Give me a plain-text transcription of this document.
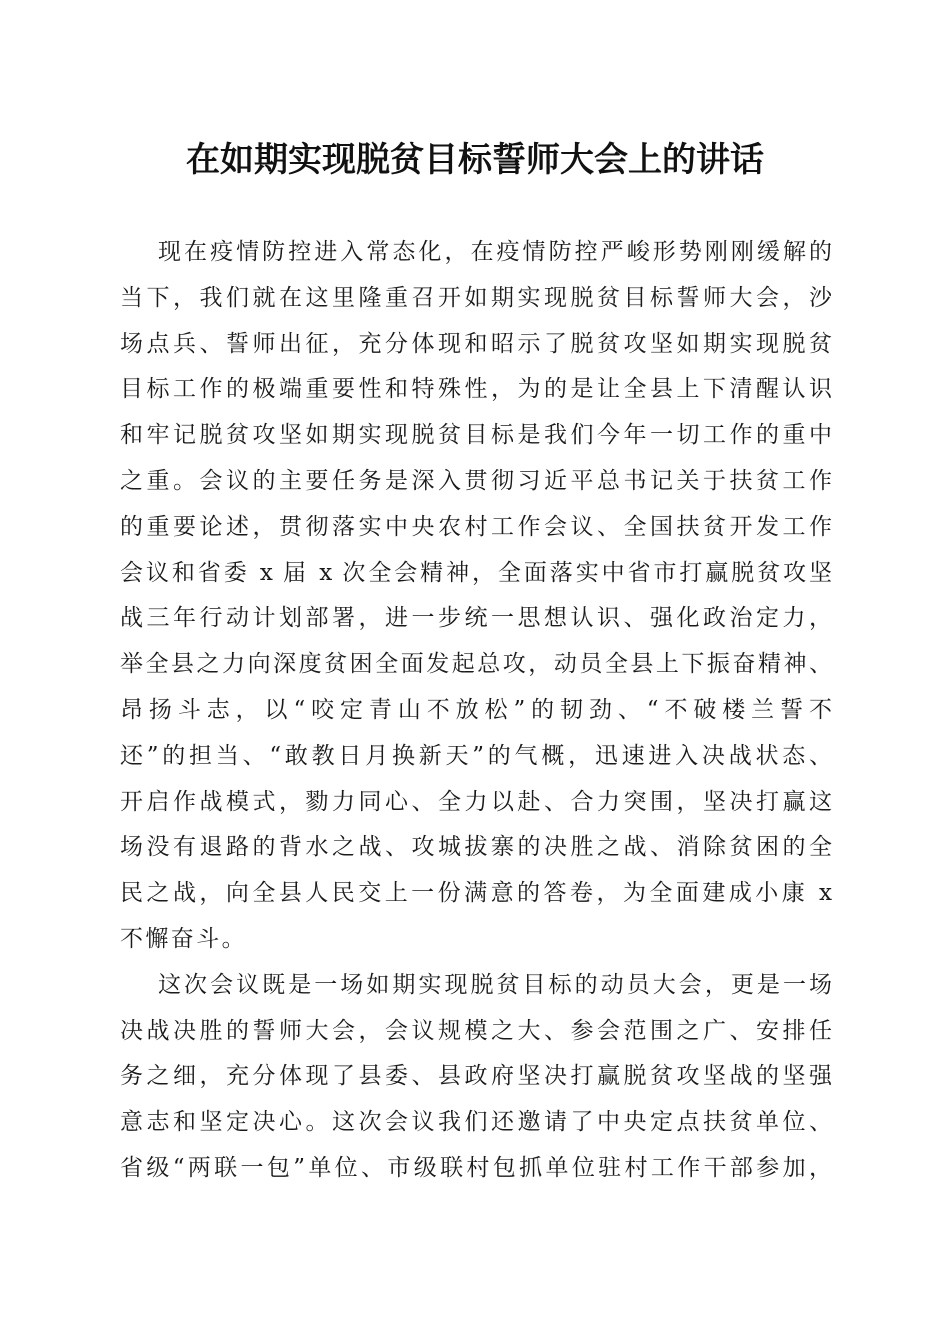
在如期实现脱贫目标誓师大会上的讲话
现在疫情防控进入常态化，在疫情防控严峻形势刚刚缓解的
当下，我们就在这里隆重召开如期实现脱贫目标誓师大会，沙
场点兵、誓师出征，充分体现和昭示了脱贫攻坚如期实现脱贫
目标工作的极端重要性和特殊性，为的是让全县上下清醒认识
和牢记脱贫攻坚如期实现脱贫目标是我们今年一切工作的重中
之重。会议的主要任务是深入贯彻习近平总书记关于扶贫工作
的重要论述，贯彻落实中央农村工作会议、全国扶贫开发工作
会议和省委 x 届 x 次全会精神，全面落实中省市打赢脱贫攻坚
战三年行动计划部署，进一步统一思想认识、强化政治定力，
举全县之力向深度贫困全面发起总攻，动员全县上下振奋精神、
昂扬斗志，以“咬定青山不放松”的韧劲、“不破楼兰誓不
还”的担当、“敢教日月换新天”的气概，迅速进入决战状态、
开启作战模式，勠力同心、全力以赴、合力突围，坚决打赢这
场没有退路的背水之战、攻城拔寨的决胜之战、消除贫困的全
民之战，向全县人民交上一份满意的答卷，为全面建成小康 x
不懈奋斗。
这次会议既是一场如期实现脱贫目标的动员大会，更是一场
决战决胜的誓师大会，会议规模之大、参会范围之广、安排任
务之细，充分体现了县委、县政府坚决打赢脱贫攻坚战的坚强
意志和坚定决心。这次会议我们还邀请了中央定点扶贫单位、
省级“两联一包”单位、市级联村包抓单位驻村工作干部参加，
